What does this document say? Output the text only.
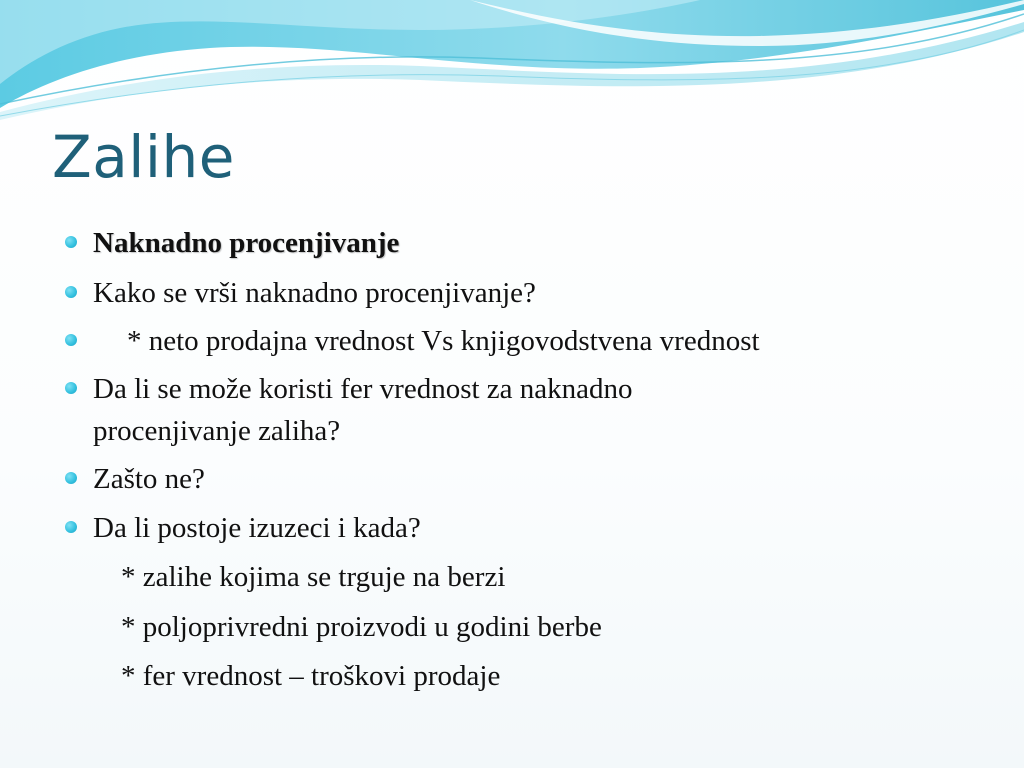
Zalihe
Naknadno procenjivanje
Kako se vrši naknadno procenjivanje?
* neto prodajna vrednost Vs knjigovodstvena vrednost
Da li se može koristi fer vrednost za naknadno
procenjivanje zaliha?
Zašto ne?
Da li postoje izuzeci i kada?
* zalihe kojima se trguje na berzi
* poljoprivredni proizvodi u godini berbe
* fer vrednost – troškovi prodaje
